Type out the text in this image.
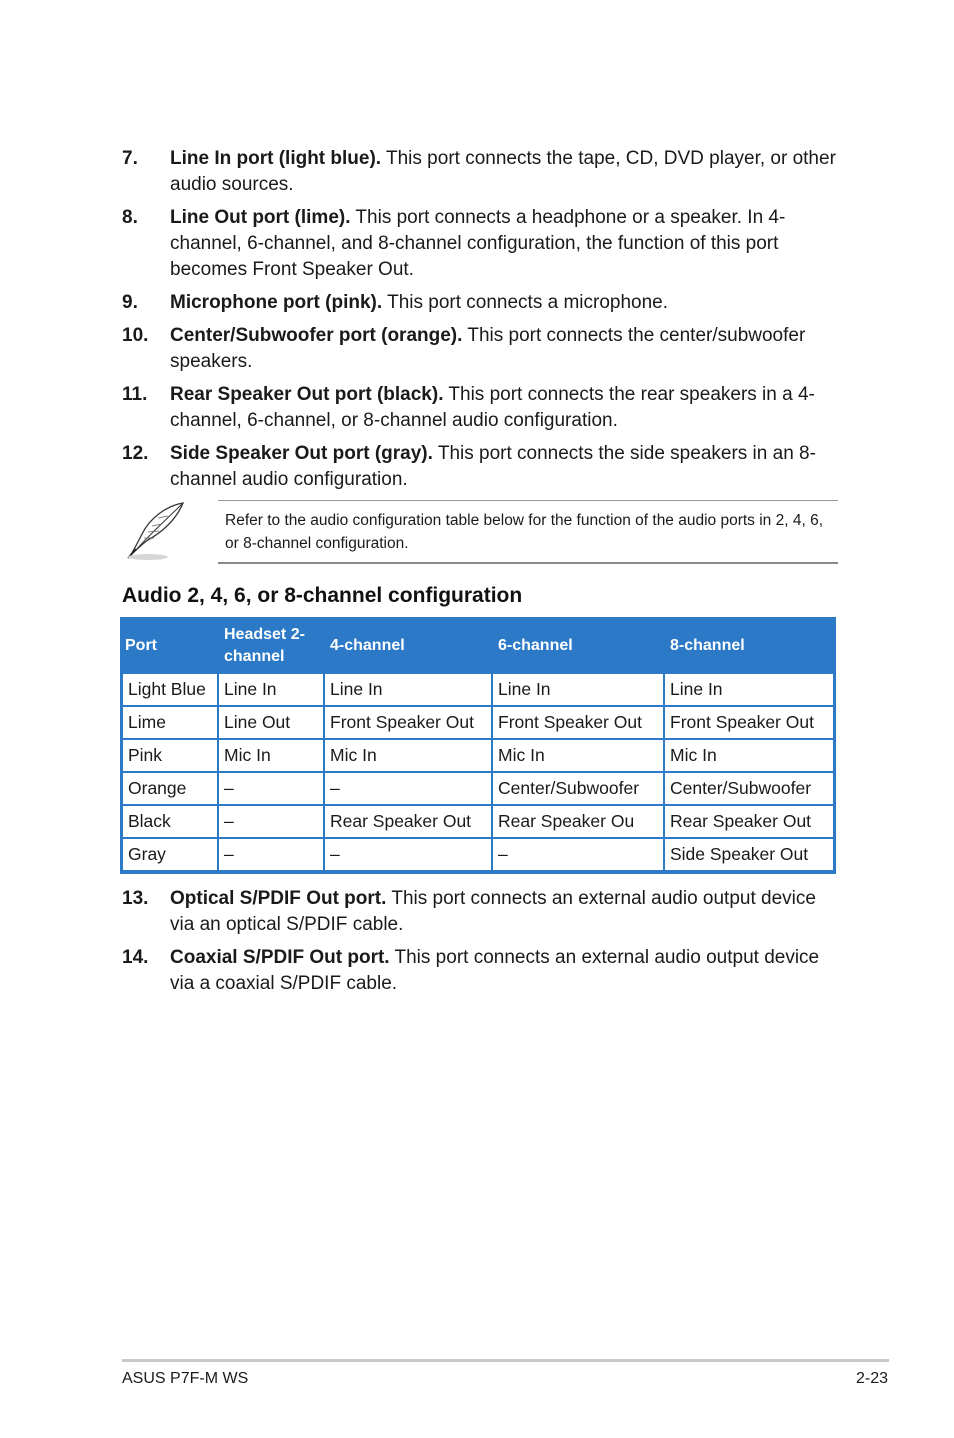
7. Line In port (light blue). This port connects the tape, CD, DVD player, or other audio sources.
8. Line Out port (lime). This port connects a headphone or a speaker. In 4-channel, 6-channel, and 8-channel configuration, the function of this port becomes Front Speaker Out.
9. Microphone port (pink). This port connects a microphone.
10. Center/Subwoofer port (orange). This port connects the center/subwoofer speakers.
11. Rear Speaker Out port (black). This port connects the rear speakers in a 4-channel, 6-channel, or 8-channel audio configuration.
12. Side Speaker Out port (gray). This port connects the side speakers in an 8-channel audio configuration.
Refer to the audio configuration table below for the function of the audio ports in 2, 4, 6, or 8-channel configuration.
Audio 2, 4, 6, or 8-channel configuration
Port	Headset 2-channel	4-channel	6-channel	8-channel
Light Blue	Line In	Line In	Line In	Line In
Lime	Line Out	Front Speaker Out	Front Speaker Out	Front Speaker Out
Pink	Mic In	Mic In	Mic In	Mic In
Orange	–	–	Center/Subwoofer	Center/Subwoofer
Black	–	Rear Speaker Out	Rear Speaker Ou	Rear Speaker Out
Gray	–	–	–	Side Speaker Out
13. Optical S/PDIF Out port. This port connects an external audio output device via an optical S/PDIF cable.
14. Coaxial S/PDIF Out port. This port connects an external audio output device via a coaxial S/PDIF cable.
ASUS P7F-M WS	2-23
